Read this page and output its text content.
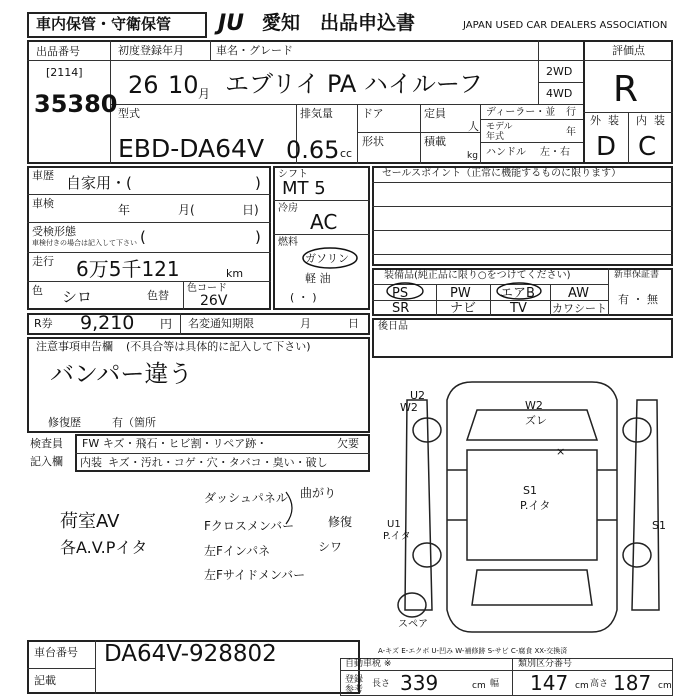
車内保管・守衛保管 JU 愛知 出品申込書	JAPAN USED CAR DEALERS ASSOCIATION
出品番号
[2114]
35380
初度登録年月
26 10 月
車名・グレード
エブリイ PA ハイルーフ	2WD
4WD
評価点
R
外 装 内 装
D C
型式
EBD-DA64V
排気量
0.65 cc
ドア	定員
人
形状	積載
kg
ディーラー・並 行
モデル
年式	年
ハンドル 左・右
車歴 自家用・(	)
車検	年	月(	日)
受検形態
車検付きの場合は記入して下さい (	)
走行 6万5千121	km
色 シロ	色替
色コード
26V
シフト
MT 5
冷房
AC
燃料
ガソリン
軽 油
( ・ )
セールスポイント（正常に機能するものに限ります）
装備品(純正品に限り○をつけてください)
PS	PW エアB	AW
SR	ナビ	TV カワシート
新車保証書
有 ・ 無
R券 9,210 円 名変通知期限	月	日 後日品
注意事項申告欄 (不具合等は具体的に記入して下さい)
バンパー違う
修復歴	有（箇所
検査員
記入欄
FW キズ・飛石・ヒビ割・リペア跡・	欠要
内装 キズ・汚れ・コゲ・穴・タバコ・臭い・破し
荷室AV
各A.V.Pイタ
ダッシュパネル 曲がり
Fクロスメンバー	修復
左Fインパネ	シワ
左Fサイドメンバー
U2
W2	W2
ズレ
×
S1
P.イタ
U1
P.イタ
S1
スペア
車台番号
記載
DA64V-928802	A-キズ E-エクボ U-凹み W-補修跡 S-サビ C-腐食 XX-交換済
自動車税 ※	類別区分番号
登録
参考
長さ 339	cm 幅 147 cm 高さ 187 cm
